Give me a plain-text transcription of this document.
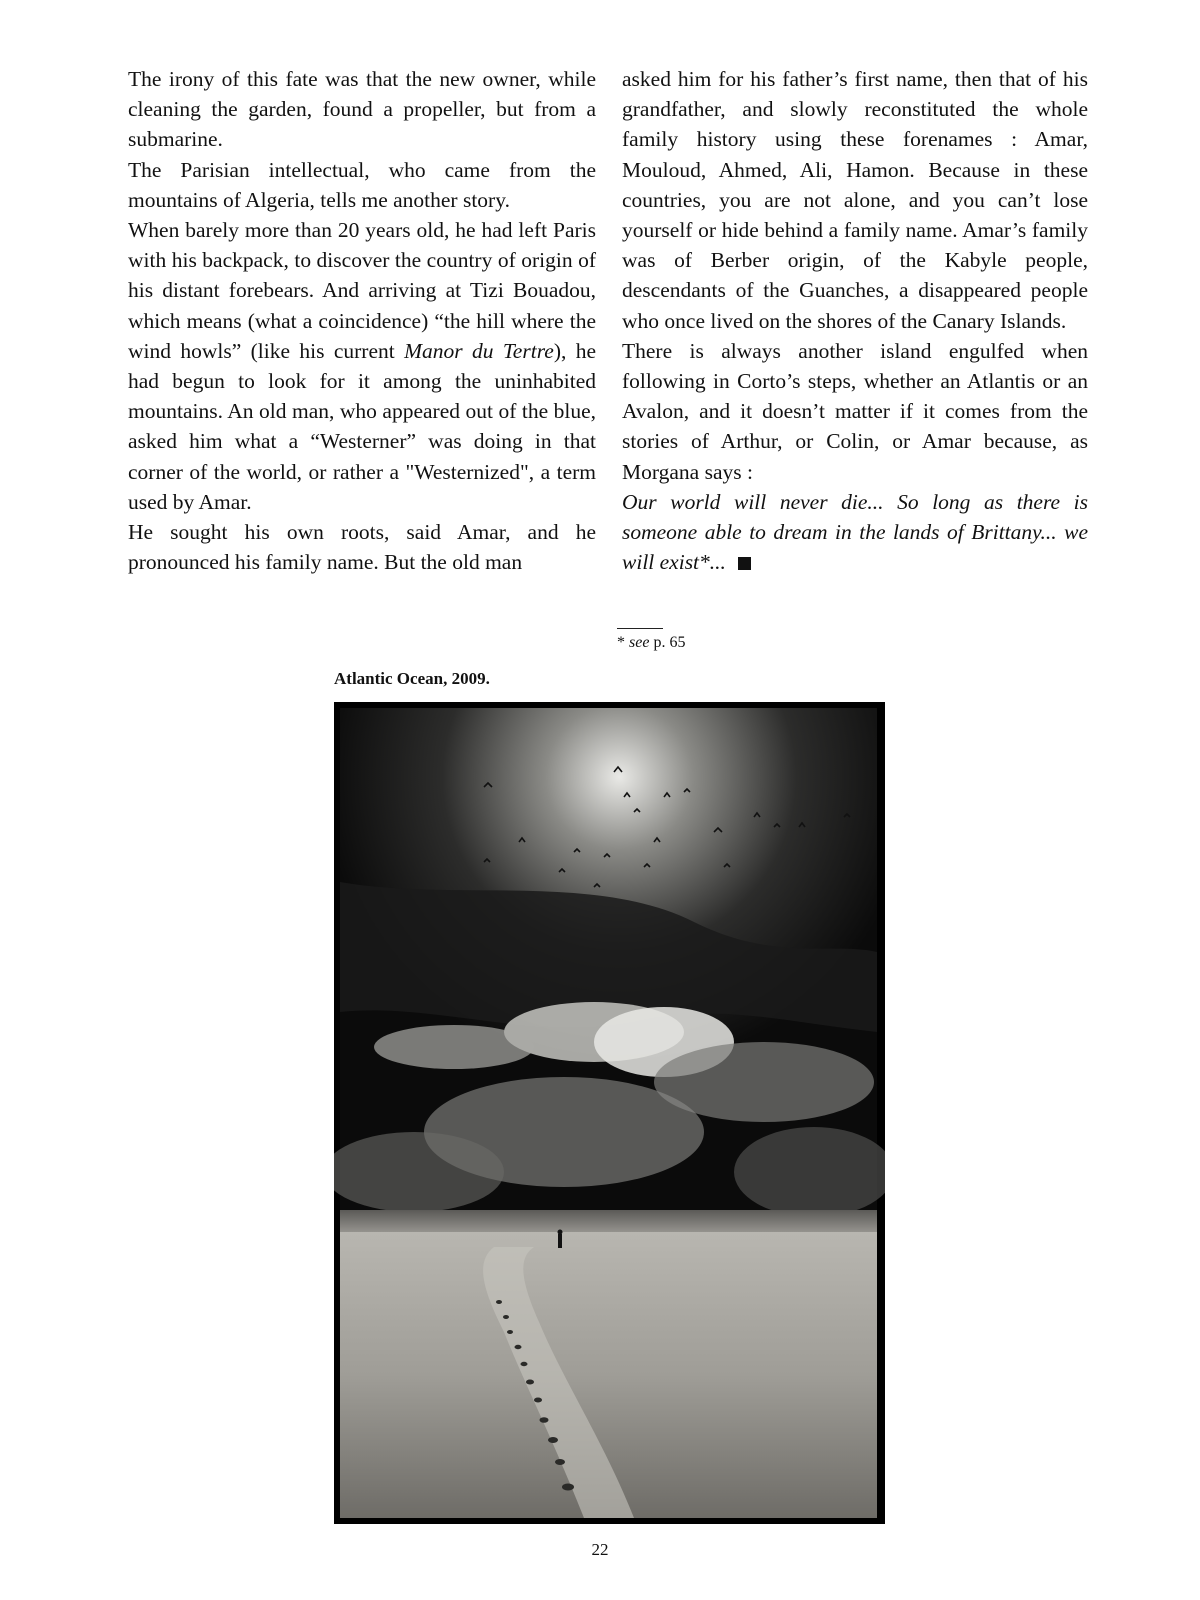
The irony of this fate was that the new owner, while cleaning the garden, found a propeller, but from a submarine.

The Parisian intellectual, who came from the mountains of Algeria, tells me another story.

When barely more than 20 years old, he had left Paris with his backpack, to discover the country of origin of his distant forebears. And arriving at Tizi Bouadou, which means (what a coincidence) “the hill where the wind howls” (like his current Manor du Tertre), he had begun to look for it among the uninhabited mountains. An old man, who appeared out of the blue, asked him what a “Westerner” was doing in that corner of the world, or rather a "Westernized", a term used by Amar.

He sought his own roots, said Amar, and he pronounced his family name. But the old man

asked him for his father’s first name, then that of his grandfather, and slowly reconstituted the whole family history using these forenames : Amar, Mouloud, Ahmed, Ali, Hamon. Because in these countries, you are not alone, and you can’t lose yourself or hide behind a family name. Amar’s family was of Berber origin, of the Kabyle people, descendants of the Guanches, a disappeared people who once lived on the shores of the Canary Islands.

There is always another island engulfed when following in Corto’s steps, whether an Atlantis or an Avalon, and it doesn’t matter if it comes from the stories of Arthur, or Colin, or Amar because, as Morgana says :

Our world will never die... So long as there is someone able to dream in the lands of Brittany... we will exist*...

* see p. 65
Atlantic Ocean, 2009.
22
